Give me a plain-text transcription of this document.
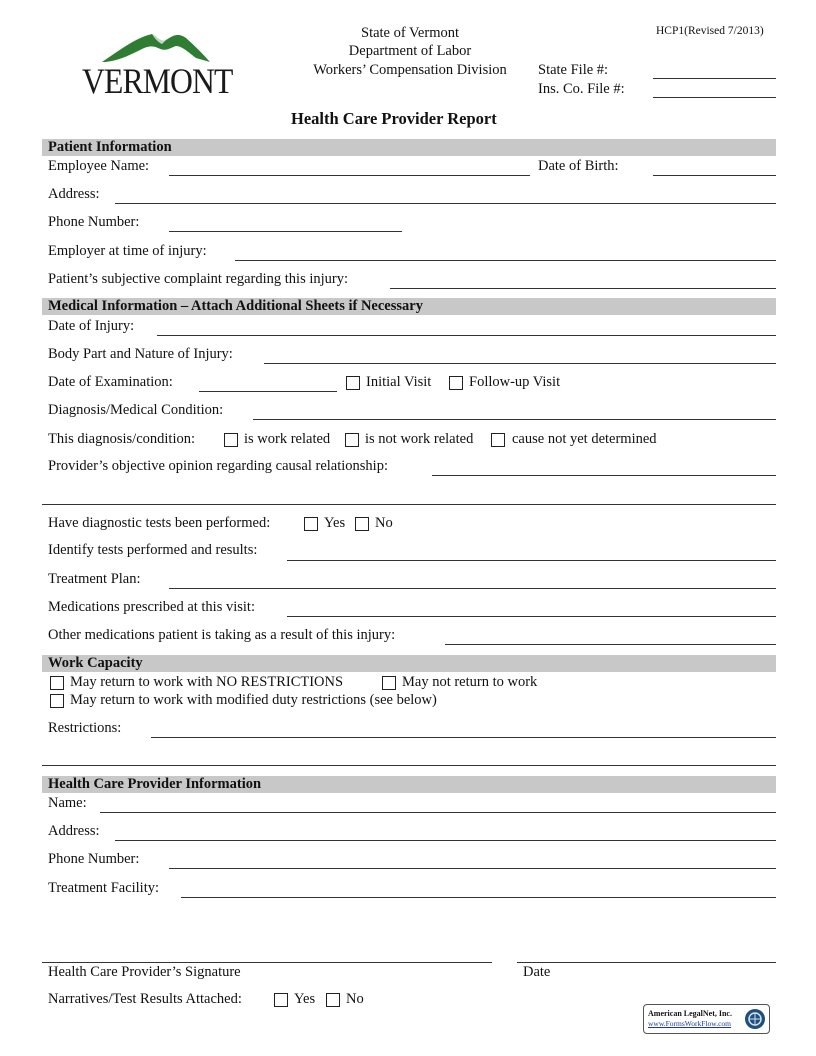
VERMONT
State of Vermont
Department of Labor
Workers’ Compensation Division
HCP1(Revised 7/2013)
State File #:
Ins. Co. File #:
Health Care Provider Report
Patient Information
Employee Name:	Date of Birth:
Address:
Phone Number:
Employer at time of injury:
Patient’s subjective complaint regarding this injury:
Medical Information – Attach Additional Sheets if Necessary
Date of Injury:
Body Part and Nature of Injury:
Date of Examination:	Initial Visit	Follow-up Visit
Diagnosis/Medical Condition:
This diagnosis/condition:	is work related is not work related	cause not yet determined
Provider’s objective opinion regarding causal relationship:
Have diagnostic tests been performed:	Yes No
Identify tests performed and results:
Treatment Plan:
Medications prescribed at this visit:
Other medications patient is taking as a result of this injury:
Work Capacity
May return to work with NO RESTRICTIONS	May not return to work
May return to work with modified duty restrictions (see below)
Restrictions:
Health Care Provider Information
Name:
Address:
Phone Number:
Treatment Facility:
Health Care Provider’s Signature	Date
Narratives/Test Results Attached:	Yes No
American LegalNet, Inc.
www.FormsWorkFlow.com
